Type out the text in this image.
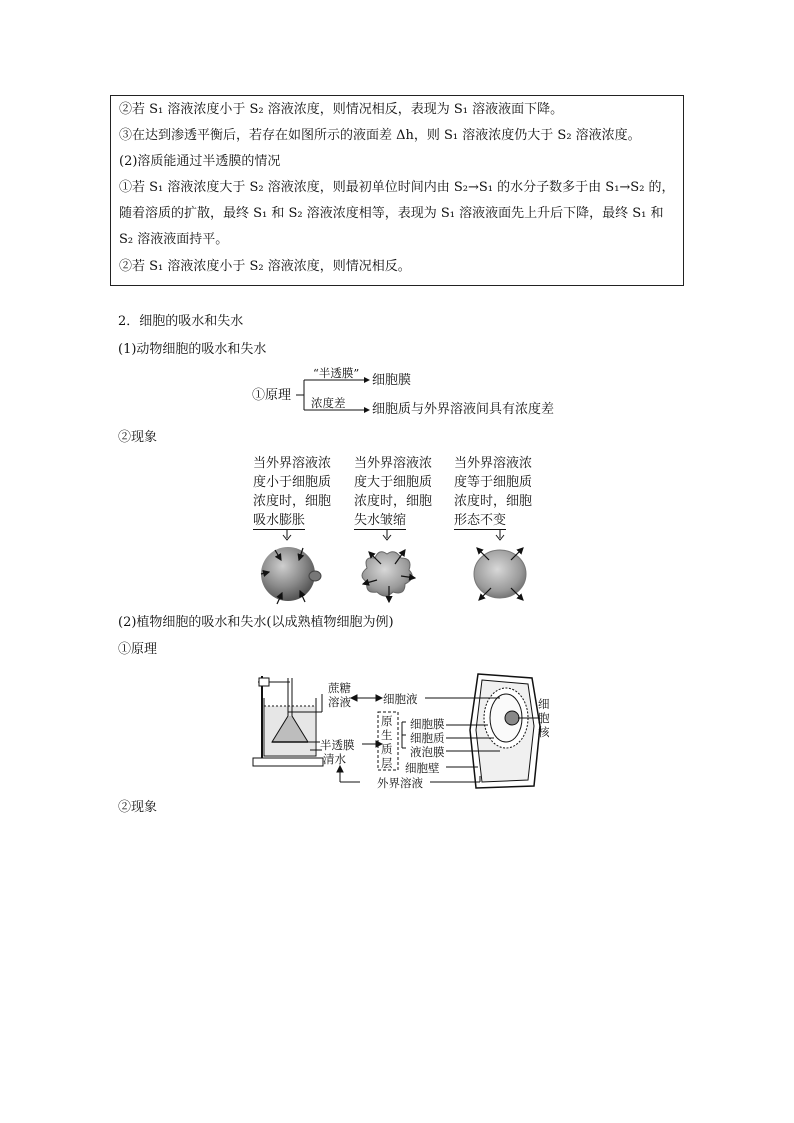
②若 S₁ 溶液浓度小于 S₂ 溶液浓度，则情况相反，表现为 S₁ 溶液液面下降。
③在达到渗透平衡后，若存在如图所示的液面差 Δh，则 S₁ 溶液浓度仍大于 S₂ 溶液浓度。
(2)溶质能通过半透膜的情况
①若 S₁ 溶液浓度大于 S₂ 溶液浓度，则最初单位时间内由 S₂→S₁ 的水分子数多于由 S₁→S₂ 的，
随着溶质的扩散，最终 S₁ 和 S₂ 溶液浓度相等，表现为 S₁ 溶液液面先上升后下降，最终 S₁ 和
S₂ 溶液液面持平。
②若 S₁ 溶液浓度小于 S₂ 溶液浓度，则情况相反。
2．细胞的吸水和失水
(1)动物细胞的吸水和失水
①原理
“半透膜” 细胞膜
浓度差 细胞质与外界溶液间具有浓度差
②现象
当外界溶液浓
度小于细胞质
浓度时，细胞
吸水膨胀
当外界溶液浓
度大于细胞质
浓度时，细胞
失水皱缩
当外界溶液浓
度等于细胞质
浓度时，细胞
形态不变
(2)植物细胞的吸水和失水(以成熟植物细胞为例)
①原理
蔗糖
溶液	细胞液
半透膜
清水
原
生
质
层
细胞膜
细胞质
液泡膜
细胞壁
外界溶液
细
胞
核
②现象
